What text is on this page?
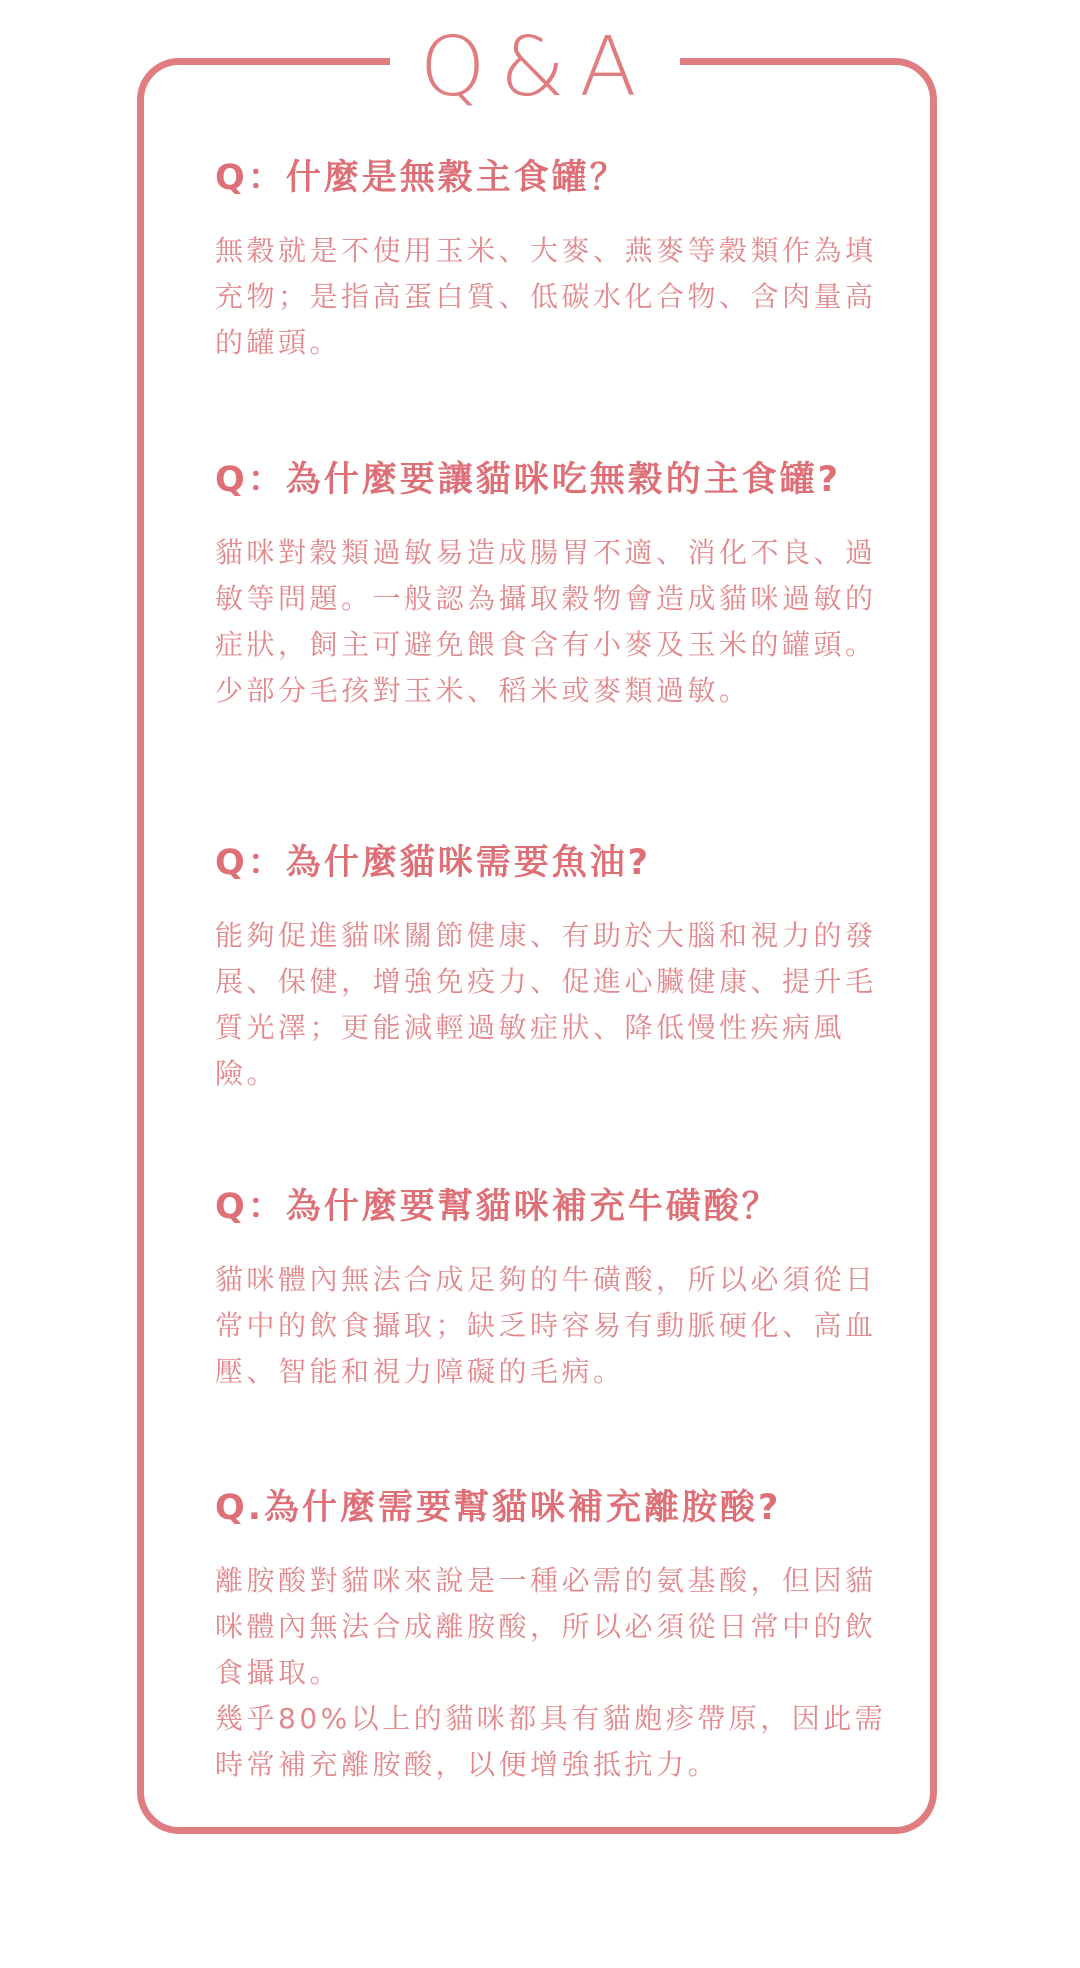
Q&A
Q：什麼是無穀主食罐？

無穀就是不使用玉米、大麥、燕麥等穀類作為填充物；是指高蛋白質、低碳水化合物、含肉量高的罐頭。

Q：為什麼要讓貓咪吃無穀的主食罐?

貓咪對穀類過敏易造成腸胃不適、消化不良、過敏等問題。一般認為攝取穀物會造成貓咪過敏的症狀，飼主可避免餵食含有小麥及玉米的罐頭。少部分毛孩對玉米、稻米或麥類過敏。

Q：為什麼貓咪需要魚油?

能夠促進貓咪關節健康、有助於大腦和視力的發展、保健，增強免疫力、促進心臟健康、提升毛質光澤；更能減輕過敏症狀、降低慢性疾病風險。

Q：為什麼要幫貓咪補充牛磺酸？

貓咪體內無法合成足夠的牛磺酸，所以必須從日常中的飲食攝取；缺乏時容易有動脈硬化、高血壓、智能和視力障礙的毛病。

Q.為什麼需要幫貓咪補充離胺酸?

離胺酸對貓咪來說是一種必需的氨基酸，但因貓咪體內無法合成離胺酸，所以必須從日常中的飲食攝取。

幾乎80%以上的貓咪都具有貓皰疹帶原，因此需時常補充離胺酸，以便增強抵抗力。
